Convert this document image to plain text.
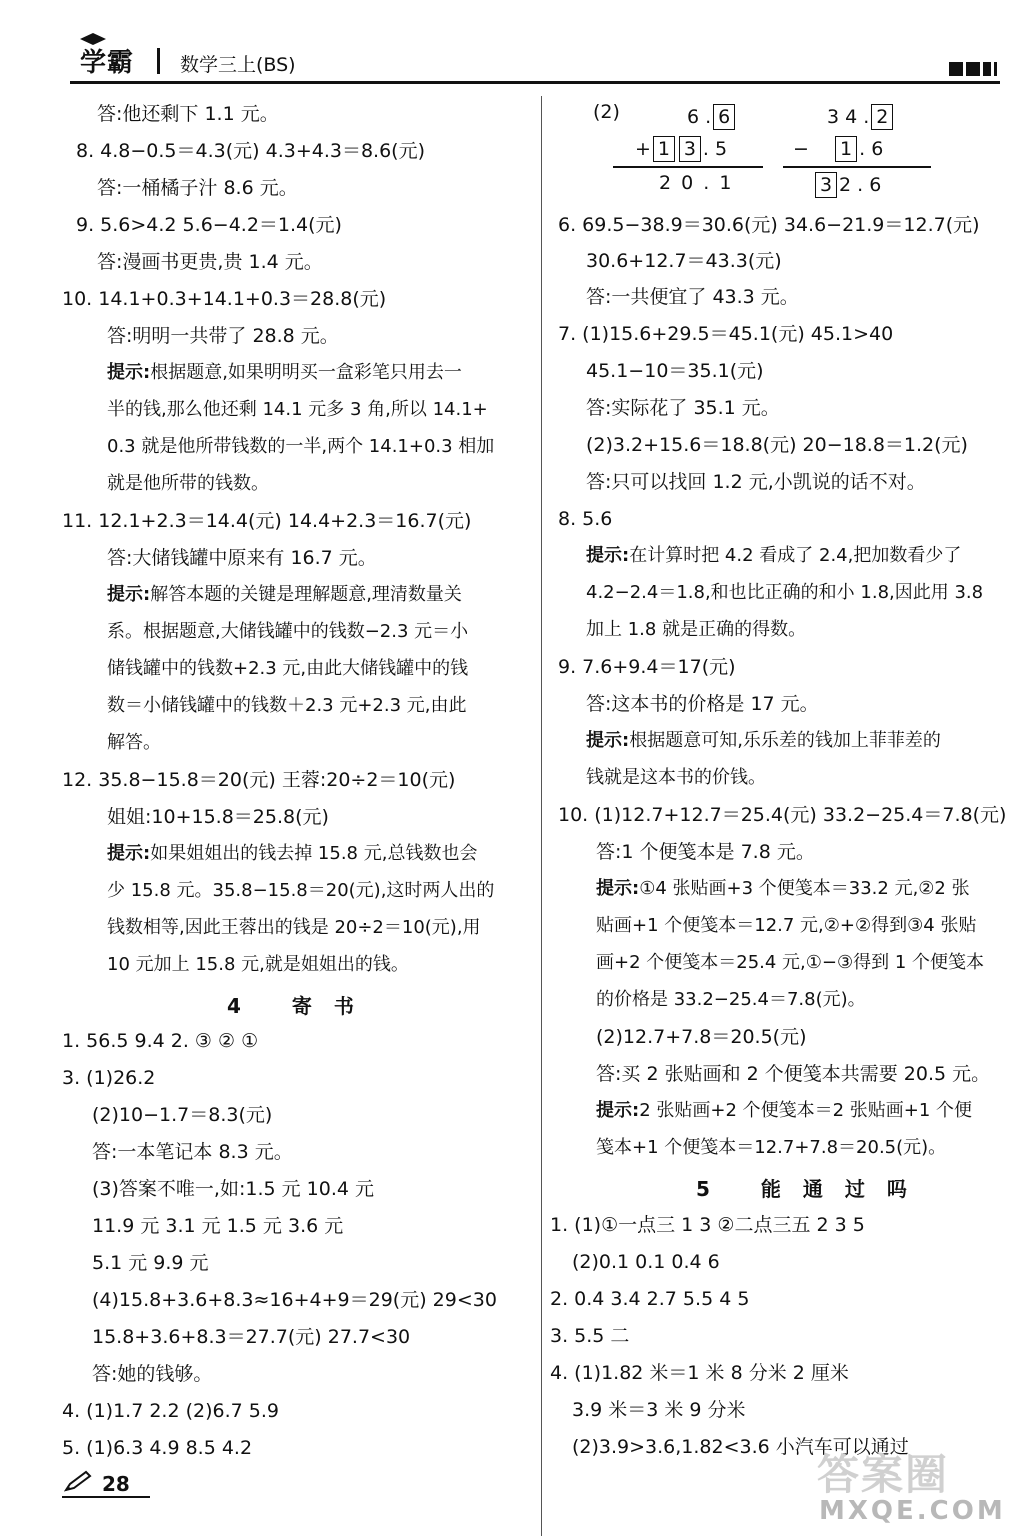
学霸 数学三上(BS)
答:他还剩下 1.1 元。
8. 4.8−0.5＝4.3(元) 4.3+4.3＝8.6(元)
答:一桶橘子汁 8.6 元。
9. 5.6>4.2 5.6−4.2＝1.4(元)
答:漫画书更贵,贵 1.4 元。
10. 14.1+0.3+14.1+0.3＝28.8(元)
答:明明一共带了 28.8 元。
提示:根据题意,如果明明买一盒彩笔只用去一
半的钱,那么他还剩 14.1 元多 3 角,所以 14.1+
0.3 就是他所带钱数的一半,两个 14.1+0.3 相加
就是他所带的钱数。
11. 12.1+2.3＝14.4(元) 14.4+2.3＝16.7(元)
答:大储钱罐中原来有 16.7 元。
提示:解答本题的关键是理解题意,理清数量关
系。根据题意,大储钱罐中的钱数−2.3 元＝小
储钱罐中的钱数+2.3 元,由此大储钱罐中的钱
数＝小储钱罐中的钱数＋2.3 元+2.3 元,由此
解答。
12. 35.8−15.8＝20(元) 王蓉:20÷2＝10(元)
姐姐:10+15.8＝25.8(元)
提示:如果姐姐出的钱去掉 15.8 元,总钱数也会
少 15.8 元。35.8−15.8＝20(元),这时两人出的
钱数相等,因此王蓉出的钱是 20÷2＝10(元),用
10 元加上 15.8 元,就是姐姐出的钱。
4 寄书
1. 56.5 9.4 2. ③ ② ①
3. (1)26.2
(2)10−1.7＝8.3(元)
答:一本笔记本 8.3 元。
(3)答案不唯一,如:1.5 元 10.4 元
11.9 元 3.1 元 1.5 元 3.6 元
5.1 元 9.9 元
(4)15.8+3.6+8.3≈16+4+9＝29(元) 29<30
15.8+3.6+8.3＝27.7(元) 27.7<30
答:她的钱够。
4. (1)1.7 2.2 (2)6.7 5.9
5. (1)6.3 4.9 8.5 4.2
(2)	6 . 6
+ 1 3 . 5
2 0 . 1
3 4 . 2
− 1 . 6
3 2 . 6
6. 69.5−38.9＝30.6(元) 34.6−21.9＝12.7(元)
30.6+12.7＝43.3(元)
答:一共便宜了 43.3 元。
7. (1)15.6+29.5＝45.1(元) 45.1>40
45.1−10＝35.1(元)
答:实际花了 35.1 元。
(2)3.2+15.6＝18.8(元) 20−18.8＝1.2(元)
答:只可以找回 1.2 元,小凯说的话不对。
8. 5.6
提示:在计算时把 4.2 看成了 2.4,把加数看少了
4.2−2.4＝1.8,和也比正确的和小 1.8,因此用 3.8
加上 1.8 就是正确的得数。
9. 7.6+9.4＝17(元)
答:这本书的价格是 17 元。
提示:根据题意可知,乐乐差的钱加上菲菲差的
钱就是这本书的价钱。
10. (1)12.7+12.7＝25.4(元) 33.2−25.4＝7.8(元)
答:1 个便笺本是 7.8 元。
提示:①4 张贴画+3 个便笺本＝33.2 元,②2 张
贴画+1 个便笺本＝12.7 元,②+②得到③4 张贴
画+2 个便笺本＝25.4 元,①−③得到 1 个便笺本
的价格是 33.2−25.4＝7.8(元)。
(2)12.7+7.8＝20.5(元)
答:买 2 张贴画和 2 个便笺本共需要 20.5 元。
提示:2 张贴画+2 个便笺本＝2 张贴画+1 个便
笺本+1 个便笺本＝12.7+7.8＝20.5(元)。
5 能通过吗
1. (1)①一点三 1 3 ②二点三五 2 3 5
(2)0.1 0.1 0.4 6
2. 0.4 3.4 2.7 5.5 4 5
3. 5.5 二
4. (1)1.82 米＝1 米 8 分米 2 厘米
3.9 米＝3 米 9 分米
(2)3.9>3.6,1.82<3.6 小汽车可以通过
28	答案圈
MXQE.COM
